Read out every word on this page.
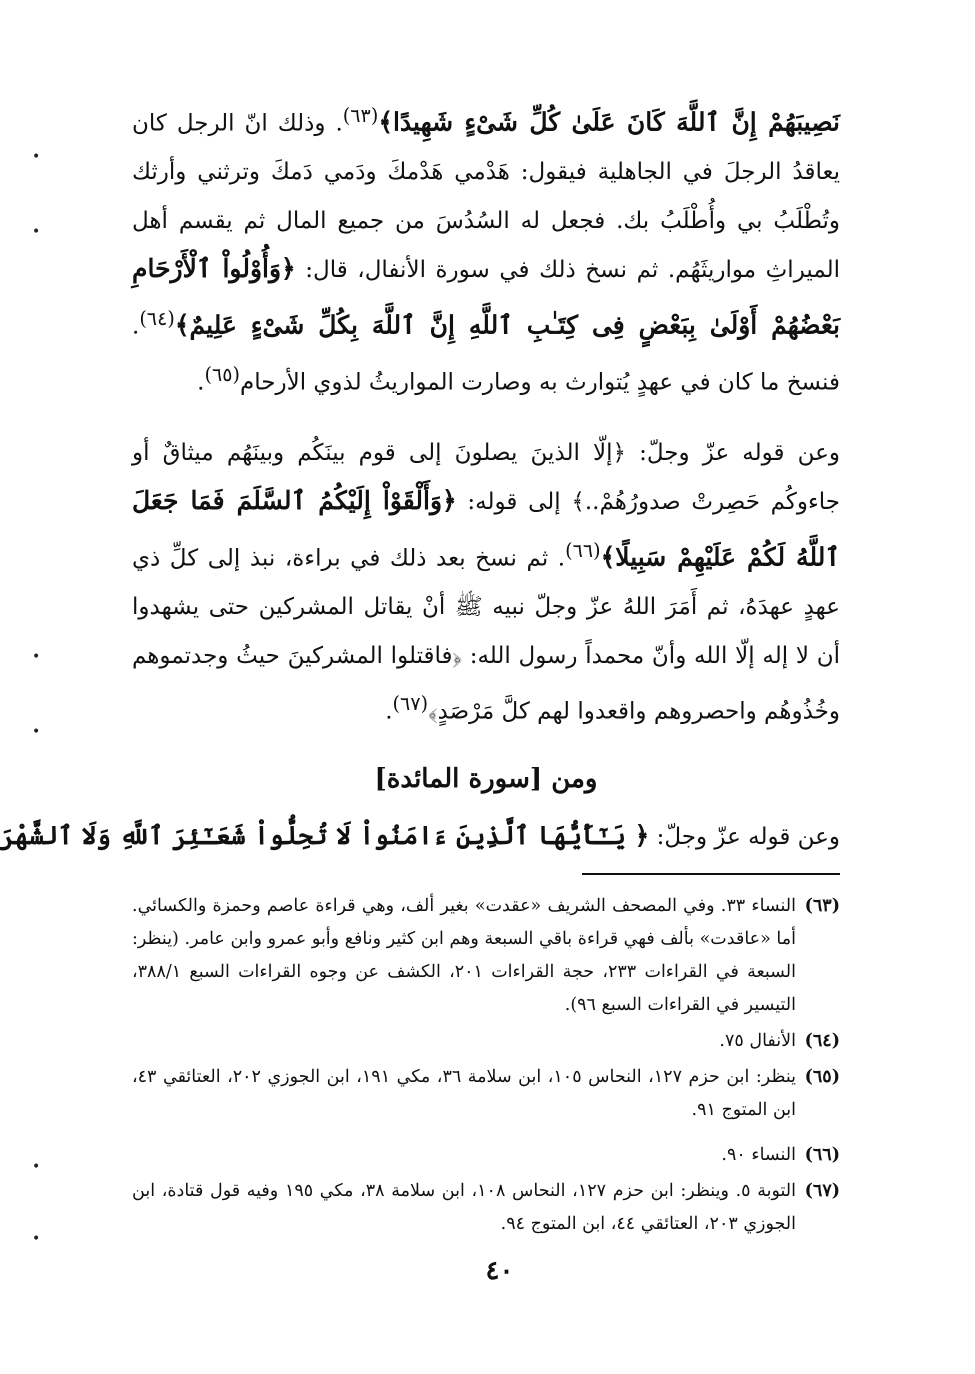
نَصِيبَهُمْ إِنَّ ٱللَّهَ كَانَ عَلَىٰ كُلِّ شَىْءٍ شَهِيدًا﴾$^{(٦٣)}$. وذلك انّ الرجل كان يعاقدُ الرجلَ في الجاهلية فيقول: هَدْمي هَدْمكَ ودَمي دَمكَ وترثني وأرثك وتُطْلَبُ بي وأُطْلَبُ بك. فجعل له السُدُسَ من جميع المال ثم يقسم أهل الميراثِ مواريثَهُم. ثم نسخ ذلك في سورة الأنفال، قال: ﴿وَأُوْلُواْ ٱلْأَرْحَامِ بَعْضُهُمْ أَوْلَىٰ بِبَعْضٍ فِى كِتَـٰبِ ٱللَّهِ إِنَّ ٱللَّهَ بِكُلِّ شَىْءٍ عَلِيمٌ﴾$^{(٦٤)}$. فنسخ ما كان في عهدٍ يُتوارث به وصارت المواريثُ لذوي الأرحام$^{(٦٥)}$.

وعن قوله عزّ وجلّ: ﴿إلّا الذينَ يصلونَ إلى قوم بينَكُم وبينَهُم ميثاقٌ أو جاءوكُم حَصِرتْ صدورُهُمْ..﴾ إلى قوله: ﴿وَأَلْقَوْاْ إِلَيْكُمُ ٱلسَّلَمَ فَمَا جَعَلَ ٱللَّهُ لَكُمْ عَلَيْهِمْ سَبِيلًا﴾$^{(٦٦)}$. ثم نسخ بعد ذلك في براءة، نبذ إلى كلِّ ذي عهدٍ عهدَهُ، ثم أَمَرَ اللهُ عزّ وجلّ نبيه ﷺ أنْ يقاتل المشركين حتى يشهدوا أن لا إله إلّا الله وأنّ محمداً رسول الله: ﴿فاقتلوا المشركينَ حيثُ وجدتموهم وخُذُوهُم واحصروهم واقعدوا لهم كلَّ مَرْصَدٍ﴾$^{(٦٧)}$.

ومن [سورة المائدة]
وعن قوله عزّ وجلّ: ﴿ يَـٰٓأَيُّهَا ٱلَّذِينَ ءَامَنُواْ لَا تُحِلُّواْ شَعَـٰٓئِرَ ٱللَّهِ وَلَا ٱلشَّهْرَ

(٦٣)النساء ٣٣. وفي المصحف الشريف «عقدت» بغير ألف، وهي قراءة عاصم وحمزة والكسائي. أما «عاقدت» بألف فهي قراءة باقي السبعة وهم ابن كثير ونافع وأبو عمرو وابن عامر. (ينظر: السبعة في القراءات ٢٣٣، حجة القراءات ٢٠١، الكشف عن وجوه القراءات السبع ٣٨٨/١، التيسير في القراءات السبع ٩٦).

(٦٤)الأنفال ٧٥.

(٦٥)ينظر: ابن حزم ١٢٧، النحاس ١٠٥، ابن سلامة ٣٦، مكي ١٩١، ابن الجوزي ٢٠٢، العتائقي ٤٣، ابن المتوج ٩١.

(٦٦)النساء ٩٠.

(٦٧)التوبة ٥. وينظر: ابن حزم ١٢٧، النحاس ١٠٨، ابن سلامة ٣٨، مكي ١٩٥ وفيه قول قتادة، ابن الجوزي ٢٠٣، العتائقي ٤٤، ابن المتوج ٩٤.

٤٠
•
•
•
•
•
•
